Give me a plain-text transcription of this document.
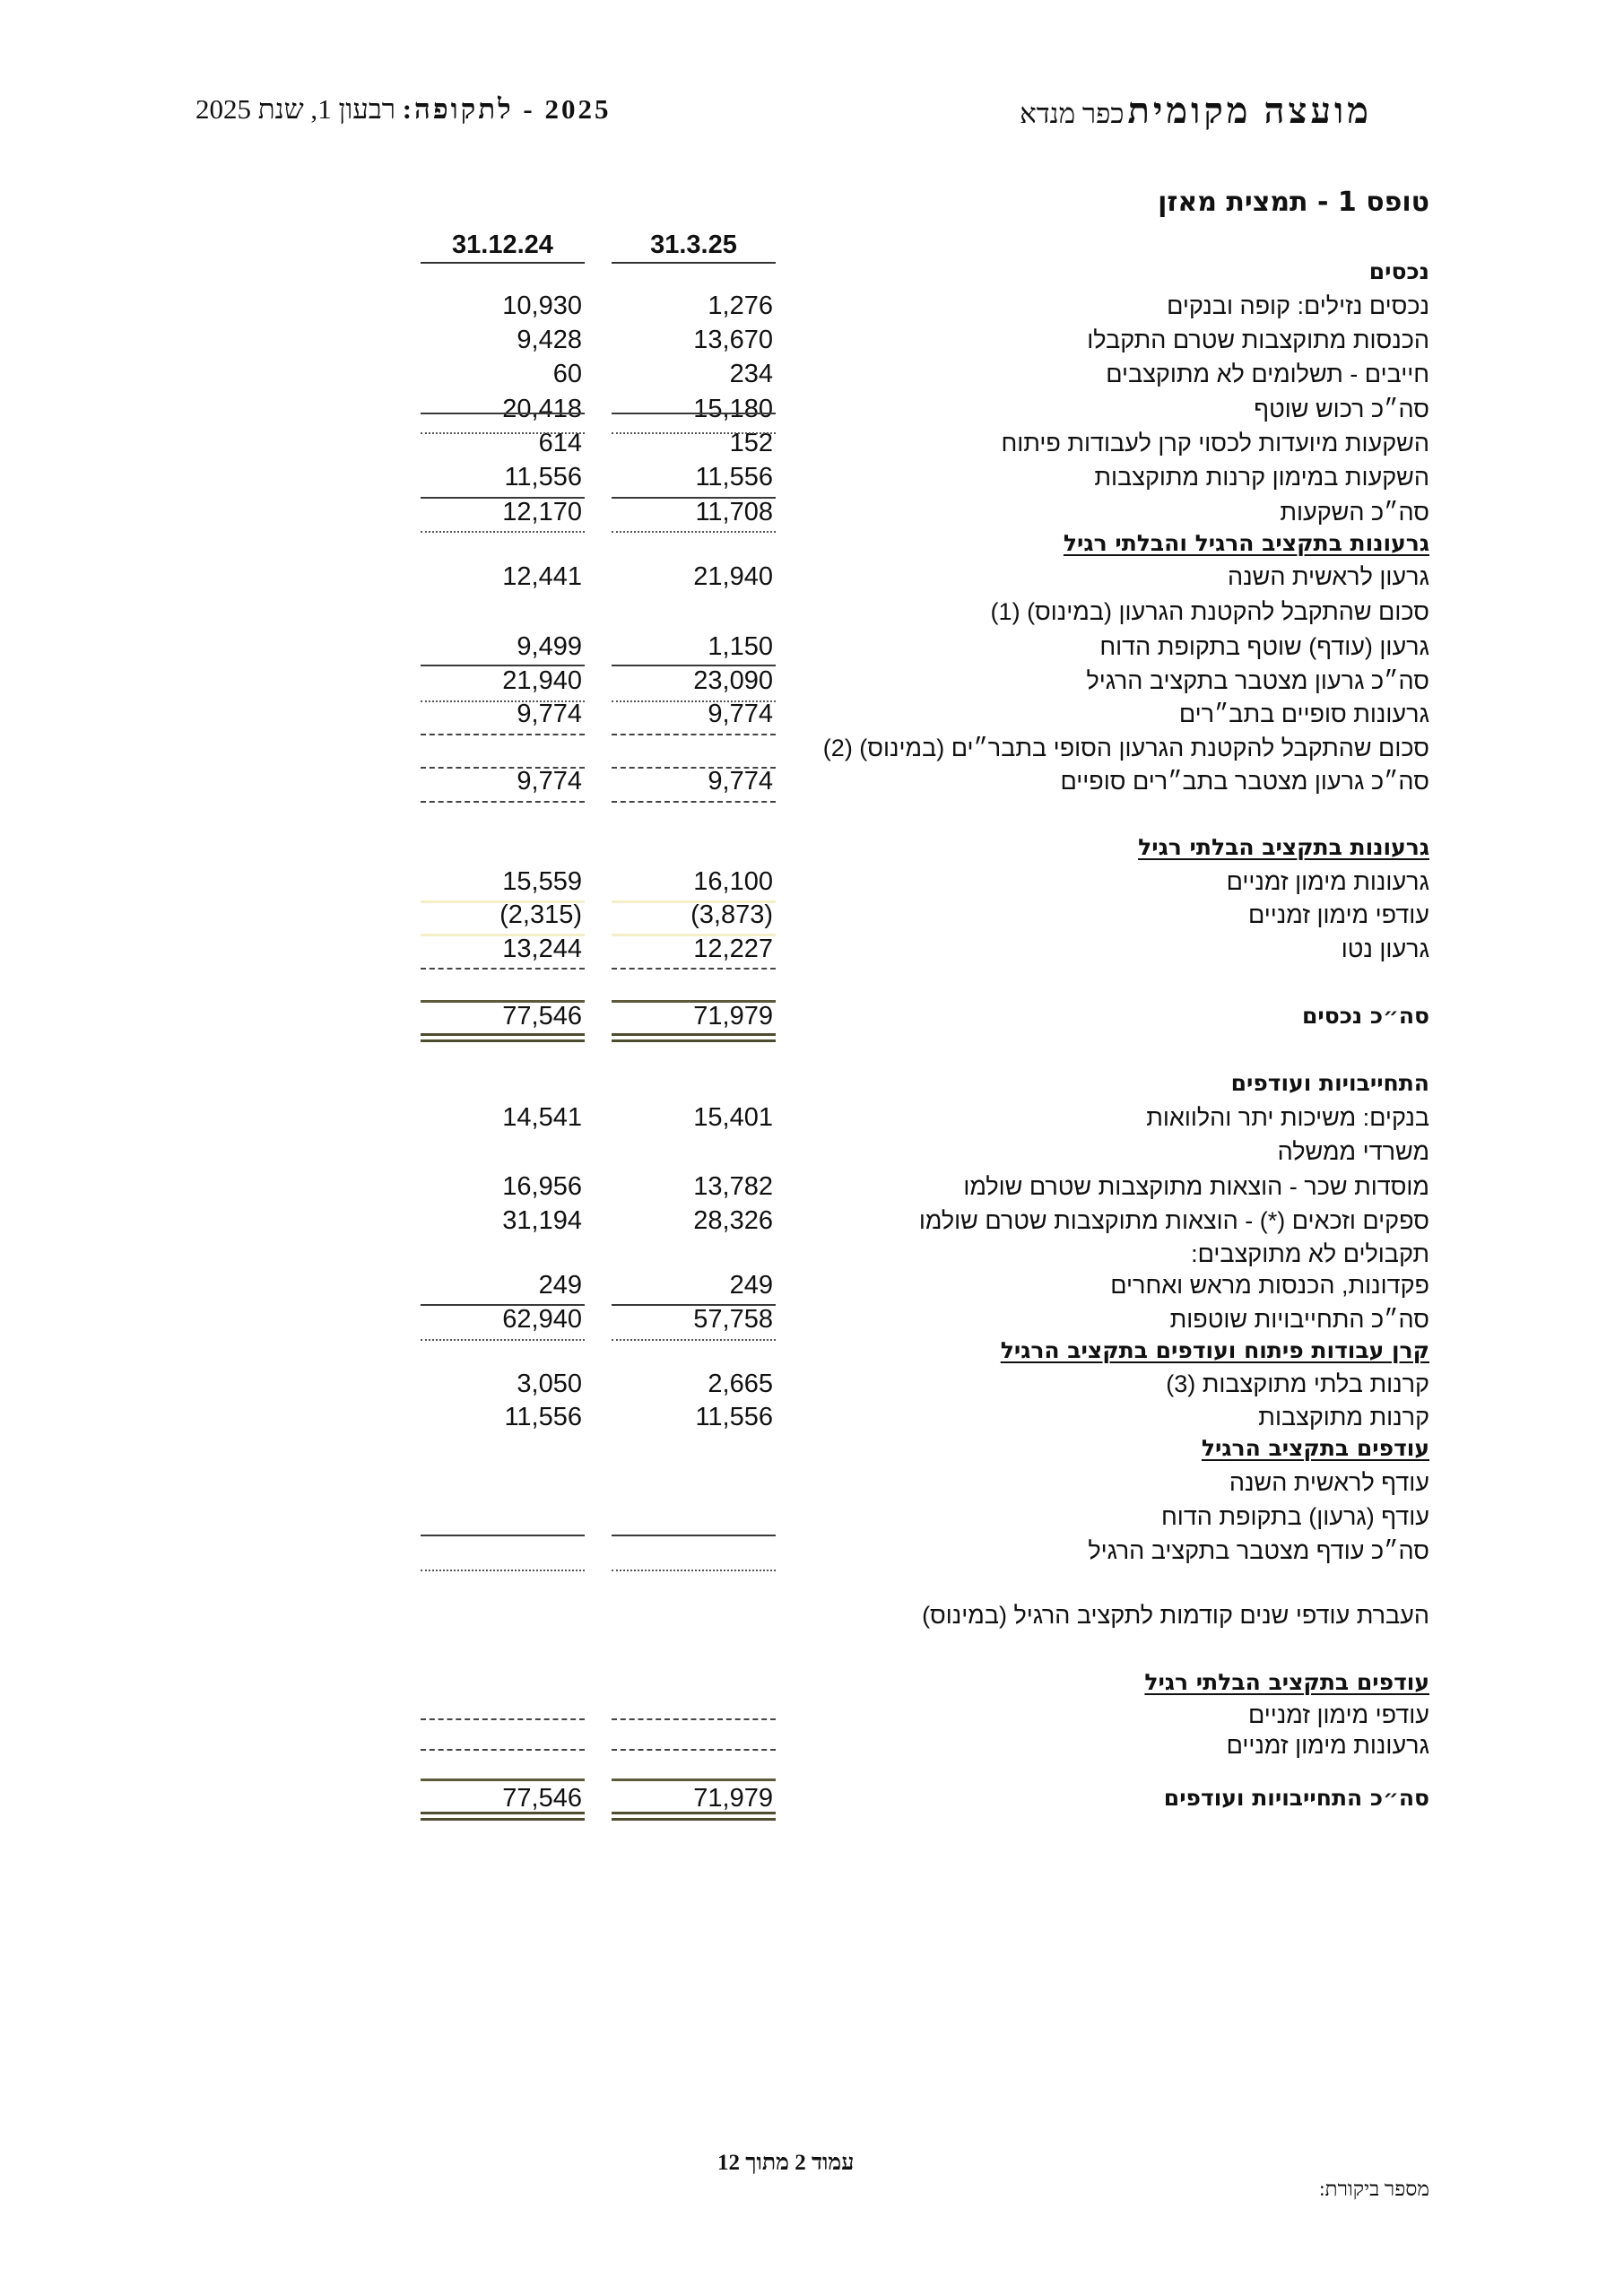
2025 - לתקופה: רבעון 1, שנת 2025	מועצה מקומית כפר מנדא
טופס 1 - תמצית מאזן
31.3.25
31.12.24
נכסים
נכסים נזילים: קופה ובנקים
1,276
10,930
הכנסות מתוקצבות שטרם התקבלו
13,670
9,428
חייבים - תשלומים לא מתוקצבים
234
60
סה״כ רכוש שוטף
15,180
20,418
השקעות מיועדות לכסוי קרן לעבודות פיתוח
152
614
השקעות במימון קרנות מתוקצבות
11,556
11,556
סה״כ השקעות
11,708
12,170
גרעונות בתקציב הרגיל והבלתי רגיל
גרעון לראשית השנה
21,940
12,441
סכום שהתקבל להקטנת הגרעון (במינוס) (1)
גרעון (עודף) שוטף בתקופת הדוח
1,150
9,499
סה״כ גרעון מצטבר בתקציב הרגיל
23,090
21,940
גרעונות סופיים בתב״רים
9,774
9,774
סכום שהתקבל להקטנת הגרעון הסופי בתבר״ים (במינוס) (2)
סה״כ גרעון מצטבר בתב״רים סופיים
9,774
9,774
גרעונות בתקציב הבלתי רגיל
גרעונות מימון זמניים
16,100
15,559
עודפי מימון זמניים
(3,873)
(2,315)
גרעון נטו
12,227
13,244
סה״כ נכסים
71,979
77,546
התחייבויות ועודפים
בנקים: משיכות יתר והלוואות
15,401
14,541
משרדי ממשלה
מוסדות שכר - הוצאות מתוקצבות שטרם שולמו
13,782
16,956
ספקים וזכאים (*) - הוצאות מתוקצבות שטרם שולמו
28,326
31,194
תקבולים לא מתוקצבים:
פקדונות, הכנסות מראש ואחרים
249
249
סה״כ התחייבויות שוטפות
57,758
62,940
קרן עבודות פיתוח ועודפים בתקציב הרגיל
קרנות בלתי מתוקצבות (3)
2,665
3,050
קרנות מתוקצבות
11,556
11,556
עודפים בתקציב הרגיל
עודף לראשית השנה
עודף (גרעון) בתקופת הדוח
סה״כ עודף מצטבר בתקציב הרגיל
העברת עודפי שנים קודמות לתקציב הרגיל (במינוס)
עודפים בתקציב הבלתי רגיל
עודפי מימון זמניים
גרעונות מימון זמניים
סה״כ התחייבויות ועודפים
71,979
77,546
עמוד 2 מתוך 12
מספר ביקורת:
